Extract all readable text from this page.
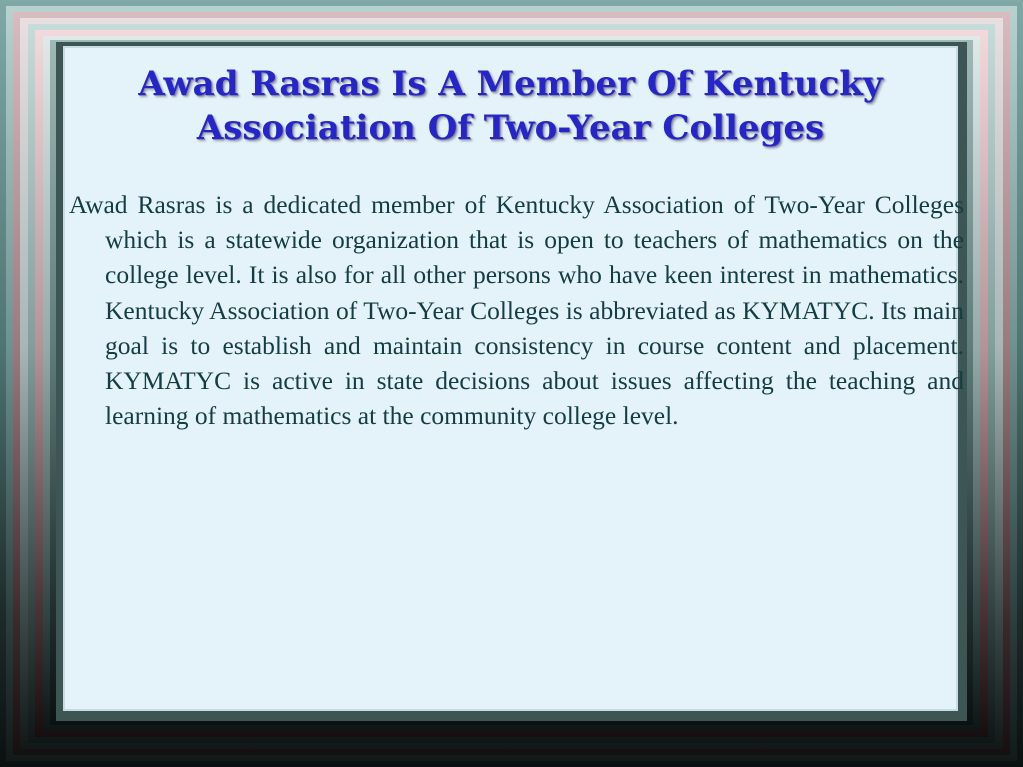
Awad Rasras Is A Member Of Kentucky Association Of Two-Year Colleges

Awad Rasras is a dedicated member of Kentucky Association of Two-Year Colleges which is a statewide organization that is open to teachers of mathematics on the college level. It is also for all other persons who have keen interest in mathematics. Kentucky Association of Two-Year Colleges is abbreviated as KYMATYC. Its main goal is to establish and maintain consistency in course content and placement. KYMATYC is active in state decisions about issues affecting the teaching and learning of mathematics at the community college level.
